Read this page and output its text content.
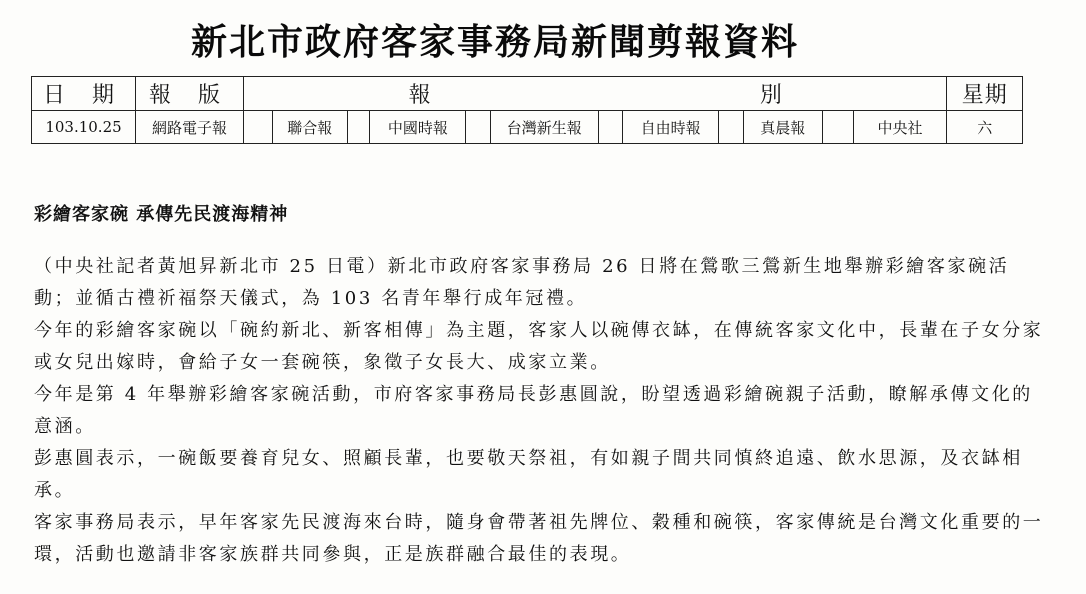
新北市政府客家事務局新聞剪報資料
日 期	報 版	報 別												星期
103.10.25	網路電子報		聯合報		中國時報		台灣新生報		自由時報		真晨報		中央社	六
彩繪客家碗 承傳先民渡海精神

（中央社記者黃旭昇新北市 25 日電）新北市政府客家事務局 26 日將在鶯歌三鶯新生地舉辦彩繪客家碗活動；並循古禮祈福祭天儀式，為 103 名青年舉行成年冠禮。

今年的彩繪客家碗以「碗約新北、新客相傳」為主題，客家人以碗傳衣缽，在傳統客家文化中，長輩在子女分家或女兒出嫁時，會給子女一套碗筷，象徵子女長大、成家立業。

今年是第 4 年舉辦彩繪客家碗活動，市府客家事務局長彭惠圓說，盼望透過彩繪碗親子活動，瞭解承傳文化的意涵。

彭惠圓表示，一碗飯要養育兒女、照顧長輩，也要敬天祭祖，有如親子間共同慎終追遠、飲水思源，及衣缽相承。

客家事務局表示，早年客家先民渡海來台時，隨身會帶著祖先牌位、穀種和碗筷，客家傳統是台灣文化重要的一環，活動也邀請非客家族群共同參與，正是族群融合最佳的表現。
